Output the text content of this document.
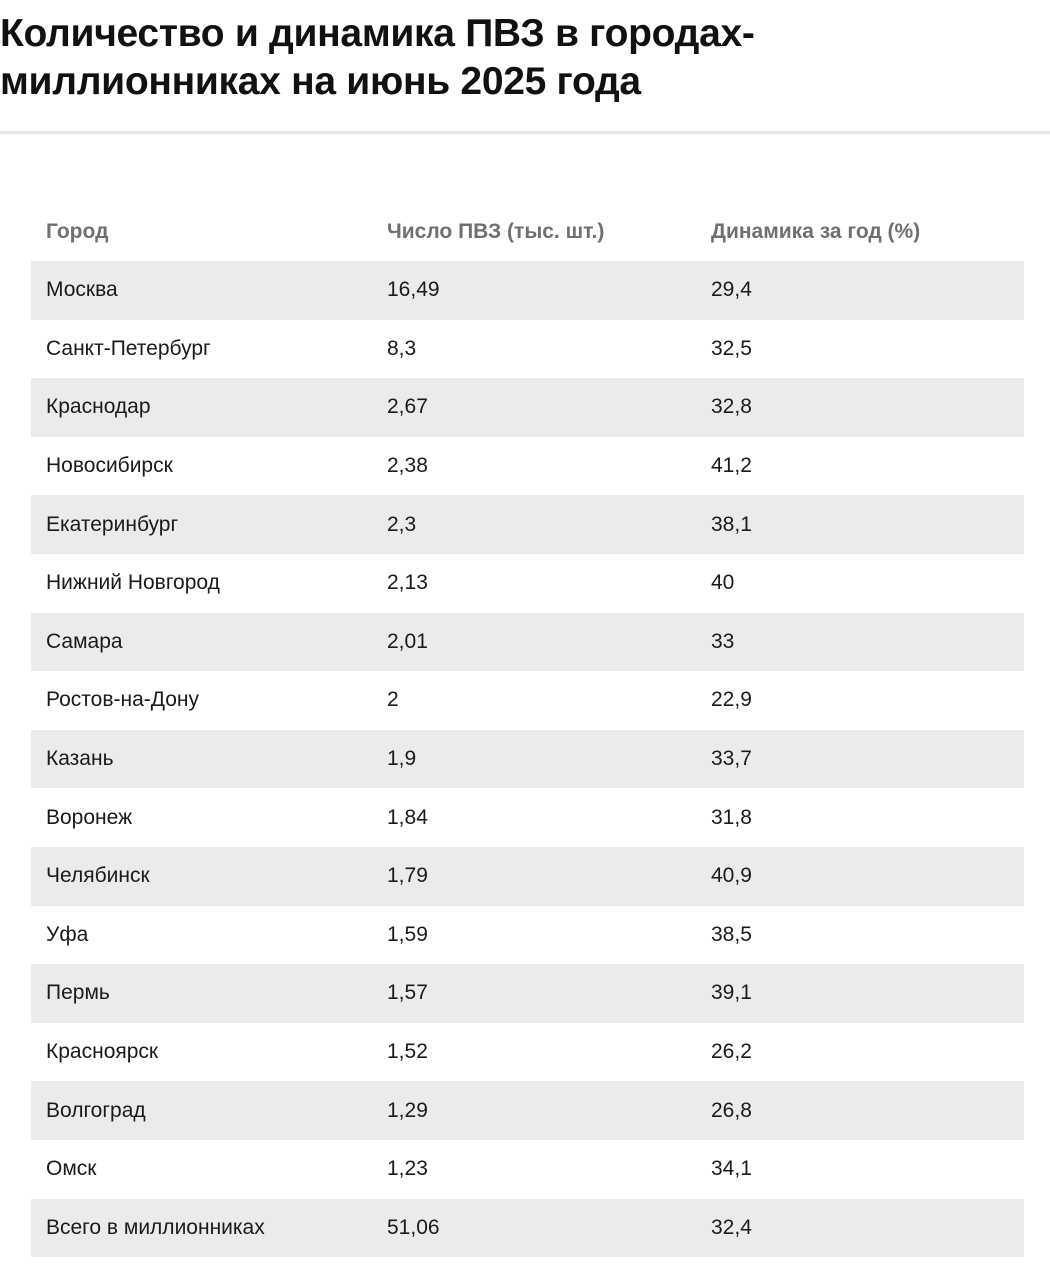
Количество и динамика ПВЗ в городах-миллионниках на июнь 2025 года
Город	Число ПВЗ (тыс. шт.)	Динамика за год (%)
Москва	16,49	29,4
Санкт-Петербург	8,3	32,5
Краснодар	2,67	32,8
Новосибирск	2,38	41,2
Екатеринбург	2,3	38,1
Нижний Новгород	2,13	40
Самара	2,01	33
Ростов-на-Дону	2	22,9
Казань	1,9	33,7
Воронеж	1,84	31,8
Челябинск	1,79	40,9
Уфа	1,59	38,5
Пермь	1,57	39,1
Красноярск	1,52	26,2
Волгоград	1,29	26,8
Омск	1,23	34,1
Всего в миллионниках	51,06	32,4
